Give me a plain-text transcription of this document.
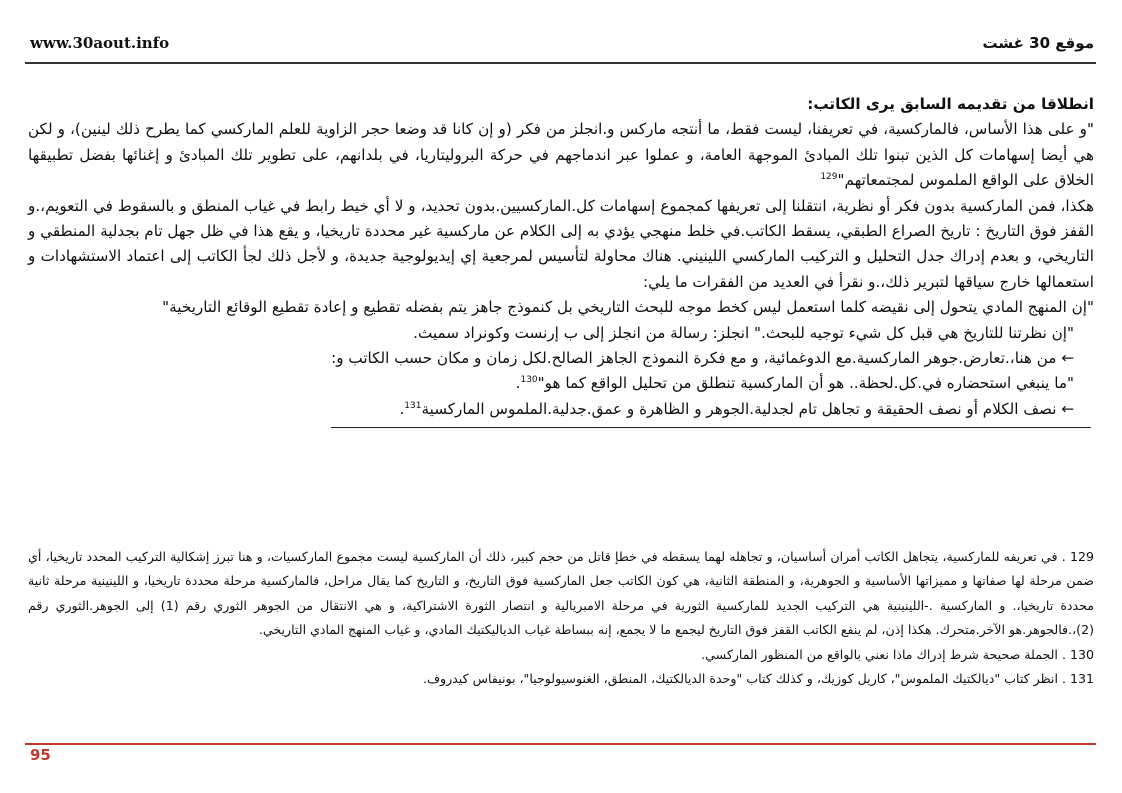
www.30aout.info	موقع 30 غشت

انطلاقا من تقديمه السابق يرى الكاتب:

"و على هذا الأساس، فالماركسية، في تعريفنا، ليست فقط، ما أنتجه ماركس و.انجلز من فكر (و إن كانا قد وضعا حجر الزاوية للعلم الماركسي كما يطرح ذلك لينين)، و لكن هي أيضا إسهامات كل الذين تبنوا تلك المبادئ الموجهة العامة، و عملوا عبر اندماجهم في حركة البروليتاريا، في بلدانهم، على تطوير تلك المبادئ و إغنائها بفضل تطبيقها الخلاق على الواقع الملموس لمجتمعاتهم"$^{129}$

هكذا، فمن الماركسية بدون فكر أو نظرية، انتقلنا إلى تعريفها كمجموع إسهامات كل.الماركسيين.بدون تحديد، و لا أي خيط رابط في غياب المنطق و بالسقوط في التعويم،.و القفز فوق التاريخ : تاريخ الصراع الطبقي، يسقط الكاتب.في خلط منهجي يؤدي به إلى الكلام عن ماركسية غير محددة تاريخيا، و يقع هذا في ظل جهل تام بجدلية المنطقي و التاريخي، و بعدم إدراك جدل التحليل و التركيب الماركسي اللينيني. هناك محاولة لتأسيس لمرجعية إي إيديولوجية جديدة، و لأجل ذلك لجأ الكاتب إلى اعتماد الاستشهادات و استعمالها خارج سياقها لتبرير ذلك،.و نقرأ في العديد من الفقرات ما يلي:

"إن المنهج المادي يتحول إلى نقيضه كلما استعمل ليس كخط موجه للبحث التاريخي بل كنموذج جاهز يتم بفضله تقطيع و إعادة تقطيع الوقائع التاريخية"

"إن نظرتنا للتاريخ هي قبل كل شيء توجيه للبحث." انجلز: رسالة من انجلز إلى ب إرنست وكونراد سميث.

← من هنا،.تعارض.جوهر الماركسية.مع الدوغمائية، و مع فكرة النموذج الجاهز الصالح.لكل زمان و مكان حسب الكاتب و:

"ما ينبغي استحضاره في.كل.لحظة.. هو أن الماركسية تنطلق من تحليل الواقع كما هو"$^{130}$.

← نصف الكلام أو نصف الحقيقة و تجاهل تام لجدلية.الجوهر و الظاهرة و عمق.جدلية.الملموس الماركسية$^{131}$.

129 . في تعريفه للماركسية، يتجاهل الكاتب أمران أساسيان، و تجاهله لهما يسقطه في خطإ قاتل من حجم كبير، ذلك أن الماركسية ليست مجموع الماركسيات، و هنا تبرز إشكالية التركيب المحدد تاريخيا، أي ضمن مرحلة لها صفاتها و مميزاتها الأساسية و الجوهرية، و المنطقة الثانية، هي كون الكاتب جعل الماركسية فوق التاريخ، و التاريخ كما يقال مراحل، فالماركسية مرحلة محددة تاريخيا، و اللينينية مرحلة ثانية محددة تاريخيا،. و الماركسية .-اللينينية هي التركيب الجديد للماركسية الثورية في مرحلة الامبريالية و انتصار الثورة الاشتراكية، و هي الانتقال من الجوهر الثوري رقم (1) إلى الجوهر.الثوري رقم (2)،.فالجوهر.هو الآخر.متحرك. هكذا إذن، لم ينفع الكاتب القفز فوق التاريخ ليجمع ما لا يجمع، إنه ببساطة غياب الدياليكتيك المادي، و غياب المنهج المادي التاريخي.

130 . الجملة صحيحة شرط إدراك ماذا نعني بالواقع من المنظور الماركسي.

131 . انظر كتاب "ديالكتيك الملموس"، كاريل كوزيك، و كذلك كتاب "وحدة الديالكتيك، المنطق، الغنوسيولوجيا"، بونيفاس كيدروف.

95
